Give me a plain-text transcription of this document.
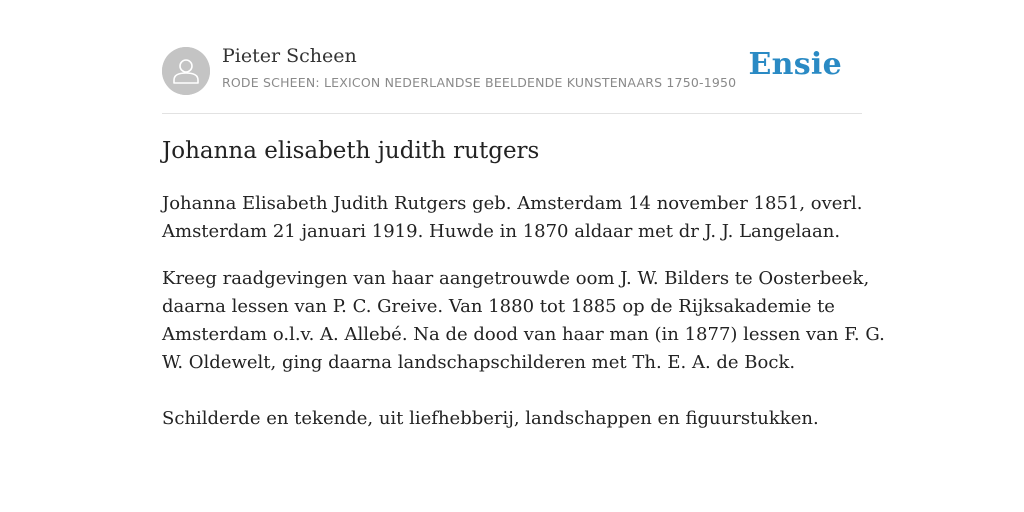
Pieter Scheen
RODE SCHEEN: LEXICON NEDERLANDSE BEELDENDE KUNSTENAARS 1750-1950
Ensie
Johanna elisabeth judith rutgers

Johanna Elisabeth Judith Rutgers geb. Amsterdam 14 november 1851, overl.

Amsterdam 21 januari 1919. Huwde in 1870 aldaar met dr J. J. Langelaan.

Kreeg raadgevingen van haar aangetrouwde oom J. W. Bilders te Oosterbeek,

daarna lessen van P. C. Greive. Van 1880 tot 1885 op de Rijksakademie te

Amsterdam o.l.v. A. Allebé. Na de dood van haar man (in 1877) lessen van F. G.

W. Oldewelt, ging daarna landschapschilderen met Th. E. A. de Bock.

Schilderde en tekende, uit liefhebberij, landschappen en figuurstukken.
